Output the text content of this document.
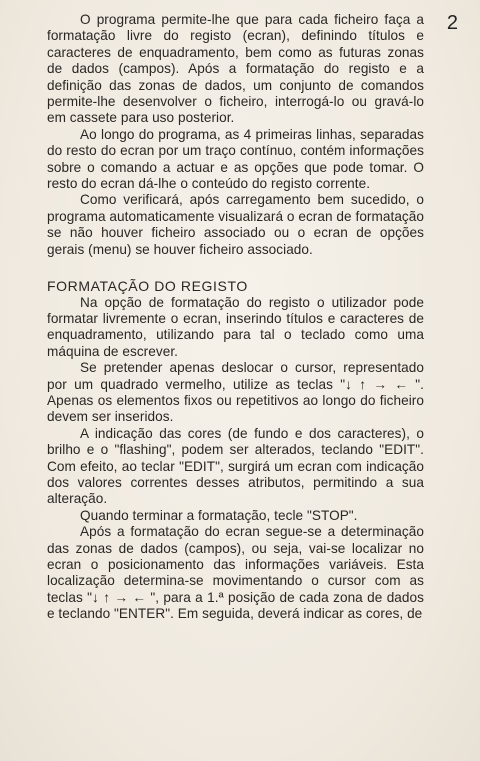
2

O programa permite-lhe que para cada ficheiro faça a formatação livre do registo (ecran), definindo títulos e caracteres de enquadramento, bem como as futuras zonas de dados (campos). Após a formatação do registo e a definição das zonas de dados, um conjunto de comandos permite-lhe desenvolver o ficheiro, interrogá-lo ou gravá-lo em cassete para uso posterior.

Ao longo do programa, as 4 primeiras linhas, separadas do resto do ecran por um traço contínuo, contém informações sobre o comando a actuar e as opções que pode tomar. O resto do ecran dá-lhe o conteúdo do registo corrente.

Como verificará, após carregamento bem sucedido, o programa automaticamente visualizará o ecran de formatação se não houver ficheiro associado ou o ecran de opções gerais (menu) se houver ficheiro associado.

FORMATAÇÃO DO REGISTO

Na opção de formatação do registo o utilizador pode formatar livremente o ecran, inserindo títulos e caracteres de enquadramento, utilizando para tal o teclado como uma máquina de escrever.

Se pretender apenas deslocar o cursor, representado por um quadrado vermelho, utilize as teclas "↓ ↑ → ← ". Apenas os elementos fixos ou repetitivos ao longo do ficheiro devem ser inseridos.

A indicação das cores (de fundo e dos caracteres), o brilho e o "flashing", podem ser alterados, teclando "EDIT". Com efeito, ao teclar "EDIT", surgirá um ecran com indicação dos valores correntes desses atributos, permitindo a sua alteração.

Quando terminar a formatação, tecle "STOP".

Após a formatação do ecran segue-se a determinação das zonas de dados (campos), ou seja, vai-se localizar no ecran o posicionamento das informações variáveis. Esta localização determina-se movimentando o cursor com as teclas "↓ ↑ → ← ", para a 1.ª posição de cada zona de dados e teclando "ENTER". Em seguida, deverá indicar as cores, de
